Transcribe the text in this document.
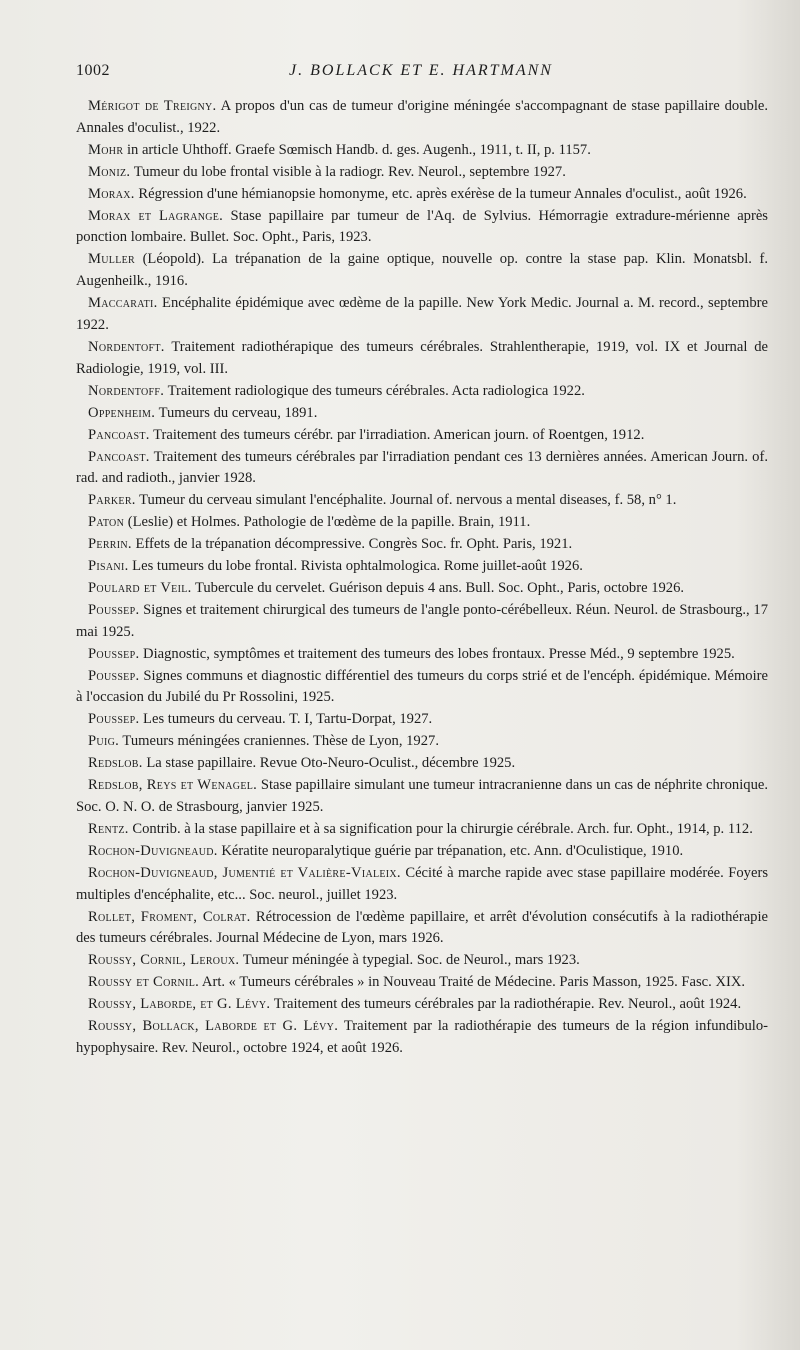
1002	J. BOLLACK ET E. HARTMANN

Mérigot de Treigny. A propos d'un cas de tumeur d'origine méningée s'accompagnant de stase papillaire double. Annales d'oculist., 1922.

Mohr in article Uhthoff. Graefe Sœmisch Handb. d. ges. Augenh., 1911, t. II, p. 1157.

Moniz. Tumeur du lobe frontal visible à la radiogr. Rev. Neurol., septembre 1927.

Morax. Régression d'une hémianopsie homonyme, etc. après exérèse de la tumeur Annales d'oculist., août 1926.

Morax et Lagrange. Stase papillaire par tumeur de l'Aq. de Sylvius. Hémorragie extradure-mérienne après ponction lombaire. Bullet. Soc. Opht., Paris, 1923.

Muller (Léopold). La trépanation de la gaine optique, nouvelle op. contre la stase pap. Klin. Monatsbl. f. Augenheilk., 1916.

Maccarati. Encéphalite épidémique avec œdème de la papille. New York Medic. Journal a. M. record., septembre 1922.

Nordentoft. Traitement radiothérapique des tumeurs cérébrales. Strahlentherapie, 1919, vol. IX et Journal de Radiologie, 1919, vol. III.

Nordentoff. Traitement radiologique des tumeurs cérébrales. Acta radiologica 1922.

Oppenheim. Tumeurs du cerveau, 1891.

Pancoast. Traitement des tumeurs cérébr. par l'irradiation. American journ. of Roentgen, 1912.

Pancoast. Traitement des tumeurs cérébrales par l'irradiation pendant ces 13 dernières années. American Journ. of. rad. and radioth., janvier 1928.

Parker. Tumeur du cerveau simulant l'encéphalite. Journal of. nervous a mental diseases, f. 58, n° 1.

Paton (Leslie) et Holmes. Pathologie de l'œdème de la papille. Brain, 1911.

Perrin. Effets de la trépanation décompressive. Congrès Soc. fr. Opht. Paris, 1921.

Pisani. Les tumeurs du lobe frontal. Rivista ophtalmologica. Rome juillet-août 1926.

Poulard et Veil. Tubercule du cervelet. Guérison depuis 4 ans. Bull. Soc. Opht., Paris, octobre 1926.

Poussep. Signes et traitement chirurgical des tumeurs de l'angle ponto-cérébelleux. Réun. Neurol. de Strasbourg., 17 mai 1925.

Poussep. Diagnostic, symptômes et traitement des tumeurs des lobes frontaux. Presse Méd., 9 septembre 1925.

Poussep. Signes communs et diagnostic différentiel des tumeurs du corps strié et de l'encéph. épidémique. Mémoire à l'occasion du Jubilé du Pr Rossolini, 1925.

Poussep. Les tumeurs du cerveau. T. I, Tartu-Dorpat, 1927.

Puig. Tumeurs méningées craniennes. Thèse de Lyon, 1927.

Redslob. La stase papillaire. Revue Oto-Neuro-Oculist., décembre 1925.

Redslob, Reys et Wenagel. Stase papillaire simulant une tumeur intracranienne dans un cas de néphrite chronique. Soc. O. N. O. de Strasbourg, janvier 1925.

Rentz. Contrib. à la stase papillaire et à sa signification pour la chirurgie cérébrale. Arch. fur. Opht., 1914, p. 112.

Rochon-Duvigneaud. Kératite neuroparalytique guérie par trépanation, etc. Ann. d'Oculistique, 1910.

Rochon-Duvigneaud, Jumentié et Valière-Vialeix. Cécité à marche rapide avec stase papillaire modérée. Foyers multiples d'encéphalite, etc... Soc. neurol., juillet 1923.

Rollet, Froment, Colrat. Rétrocession de l'œdème papillaire, et arrêt d'évolution consécutifs à la radiothérapie des tumeurs cérébrales. Journal Médecine de Lyon, mars 1926.

Roussy, Cornil, Leroux. Tumeur méningée à typegial. Soc. de Neurol., mars 1923.

Roussy et Cornil. Art. « Tumeurs cérébrales » in Nouveau Traité de Médecine. Paris Masson, 1925. Fasc. XIX.

Roussy, Laborde, et G. Lévy. Traitement des tumeurs cérébrales par la radiothérapie. Rev. Neurol., août 1924.

Roussy, Bollack, Laborde et G. Lévy. Traitement par la radiothérapie des tumeurs de la région infundibulo-hypophysaire. Rev. Neurol., octobre 1924, et août 1926.
